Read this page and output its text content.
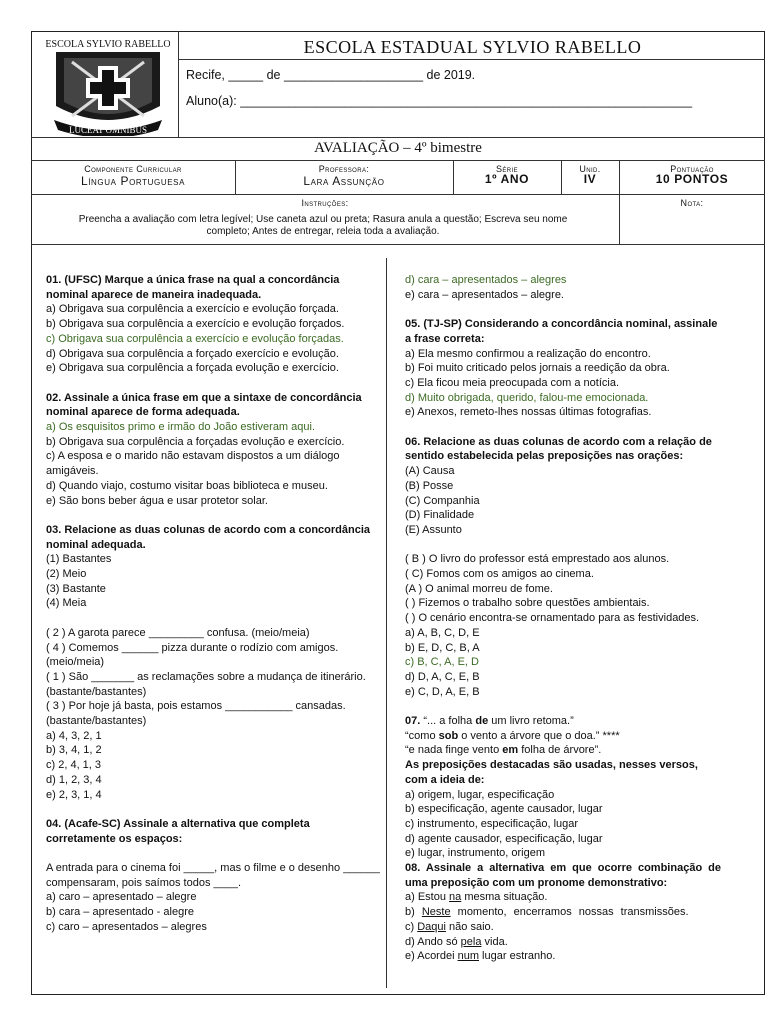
ESCOLA SYLVIO RABELLO
LUCEAT OMNIBUS
ESCOLA ESTADUAL SYLVIO RABELLO
Recife, _____ de ____________________ de 2019.
Aluno(a): _________________________________________________________________
AVALIAÇÃO – 4º bimestre
Componente Curricular
Língua Portuguesa
Professora:
Lara Assunção
Série
1º ANO
Unid.
IV
Pontuação
10 PONTOS
Instruções:
Preencha a avaliação com letra legível; Use caneta azul ou preta; Rasura anula a questão; Escreva seu nome completo; Antes de entregar, releia toda a avaliação.
Nota:

01. (UFSC) Marque a única frase na qual a concordância nominal aparece de maneira inadequada.

a) Obrigava sua corpulência a exercício e evolução forçada.

b) Obrigava sua corpulência a exercício e evolução forçados.

c) Obrigava sua corpulência a exercício e evolução forçadas.

d) Obrigava sua corpulência a forçado exercício e evolução.

e) Obrigava sua corpulência a forçada evolução e exercício.

02. Assinale a única frase em que a sintaxe de concordância nominal aparece de forma adequada.

a) Os esquisitos primo e irmão do João estiveram aqui.

b) Obrigava sua corpulência a forçadas evolução e exercício.

c) A esposa e o marido não estavam dispostos a um diálogo amigáveis.

d) Quando viajo, costumo visitar boas biblioteca e museu.

e) São bons beber água e usar protetor solar.

03. Relacione as duas colunas de acordo com a concordância nominal adequada.

(1) Bastantes

(2) Meio

(3) Bastante

(4) Meia

( 2 ) A garota parece _________ confusa. (meio/meia)

( 4 ) Comemos ______ pizza durante o rodízio com amigos. (meio/meia)

( 1 ) São _______ as reclamações sobre a mudança de itinerário. (bastante/bastantes)

( 3 ) Por hoje já basta, pois estamos ___________ cansadas. (bastante/bastantes)

a) 4, 3, 2, 1

b) 3, 4, 1, 2

c) 2, 4, 1, 3

d) 1, 2, 3, 4

e) 2, 3, 1, 4

04. (Acafe-SC) Assinale a alternativa que completa corretamente os espaços:

A entrada para o cinema foi _____, mas o filme e o desenho ______ compensaram, pois saímos todos ____.

a) caro – apresentado – alegre

b) cara – apresentado - alegre

c) caro – apresentados – alegres

d) cara – apresentados – alegres

e) cara – apresentados – alegre.

05. (TJ-SP) Considerando a concordância nominal, assinale a frase correta:

a) Ela mesmo confirmou a realização do encontro.

b) Foi muito criticado pelos jornais a reedição da obra.

c) Ela ficou meia preocupada com a notícia.

d) Muito obrigada, querido, falou-me emocionada.

e) Anexos, remeto-lhes nossas últimas fotografias.

06. Relacione as duas colunas de acordo com a relação de sentido estabelecida pelas preposições nas orações:

(A) Causa

(B) Posse

(C) Companhia

(D) Finalidade

(E) Assunto

( B ) O livro do professor está emprestado aos alunos.

( C) Fomos com os amigos ao cinema.

(A ) O animal morreu de fome.

( ) Fizemos o trabalho sobre questões ambientais.

( ) O cenário encontra-se ornamentado para as festividades.

a) A, B, C, D, E

b) E, D, C, B, A

c) B, C, A, E, D

d) D, A, C, E, B

e) C, D, A, E, B

07. “... a folha de um livro retoma.”

“como sob o vento a árvore que o doa.” ****

“e nada finge vento em folha de árvore”.

As preposições destacadas são usadas, nesses versos, com a ideia de:

a) origem, lugar, especificação

b) especificação, agente causador, lugar

c) instrumento, especificação, lugar

d) agente causador, especificação, lugar

e) lugar, instrumento, origem

08. Assinale a alternativa em que ocorre combinação de uma preposição com um pronome demonstrativo:

a) Estou na mesma situação.

b) Neste momento, encerramos nossas transmissões.

c) Daqui não saio.

d) Ando só pela vida.

e) Acordei num lugar estranho.
